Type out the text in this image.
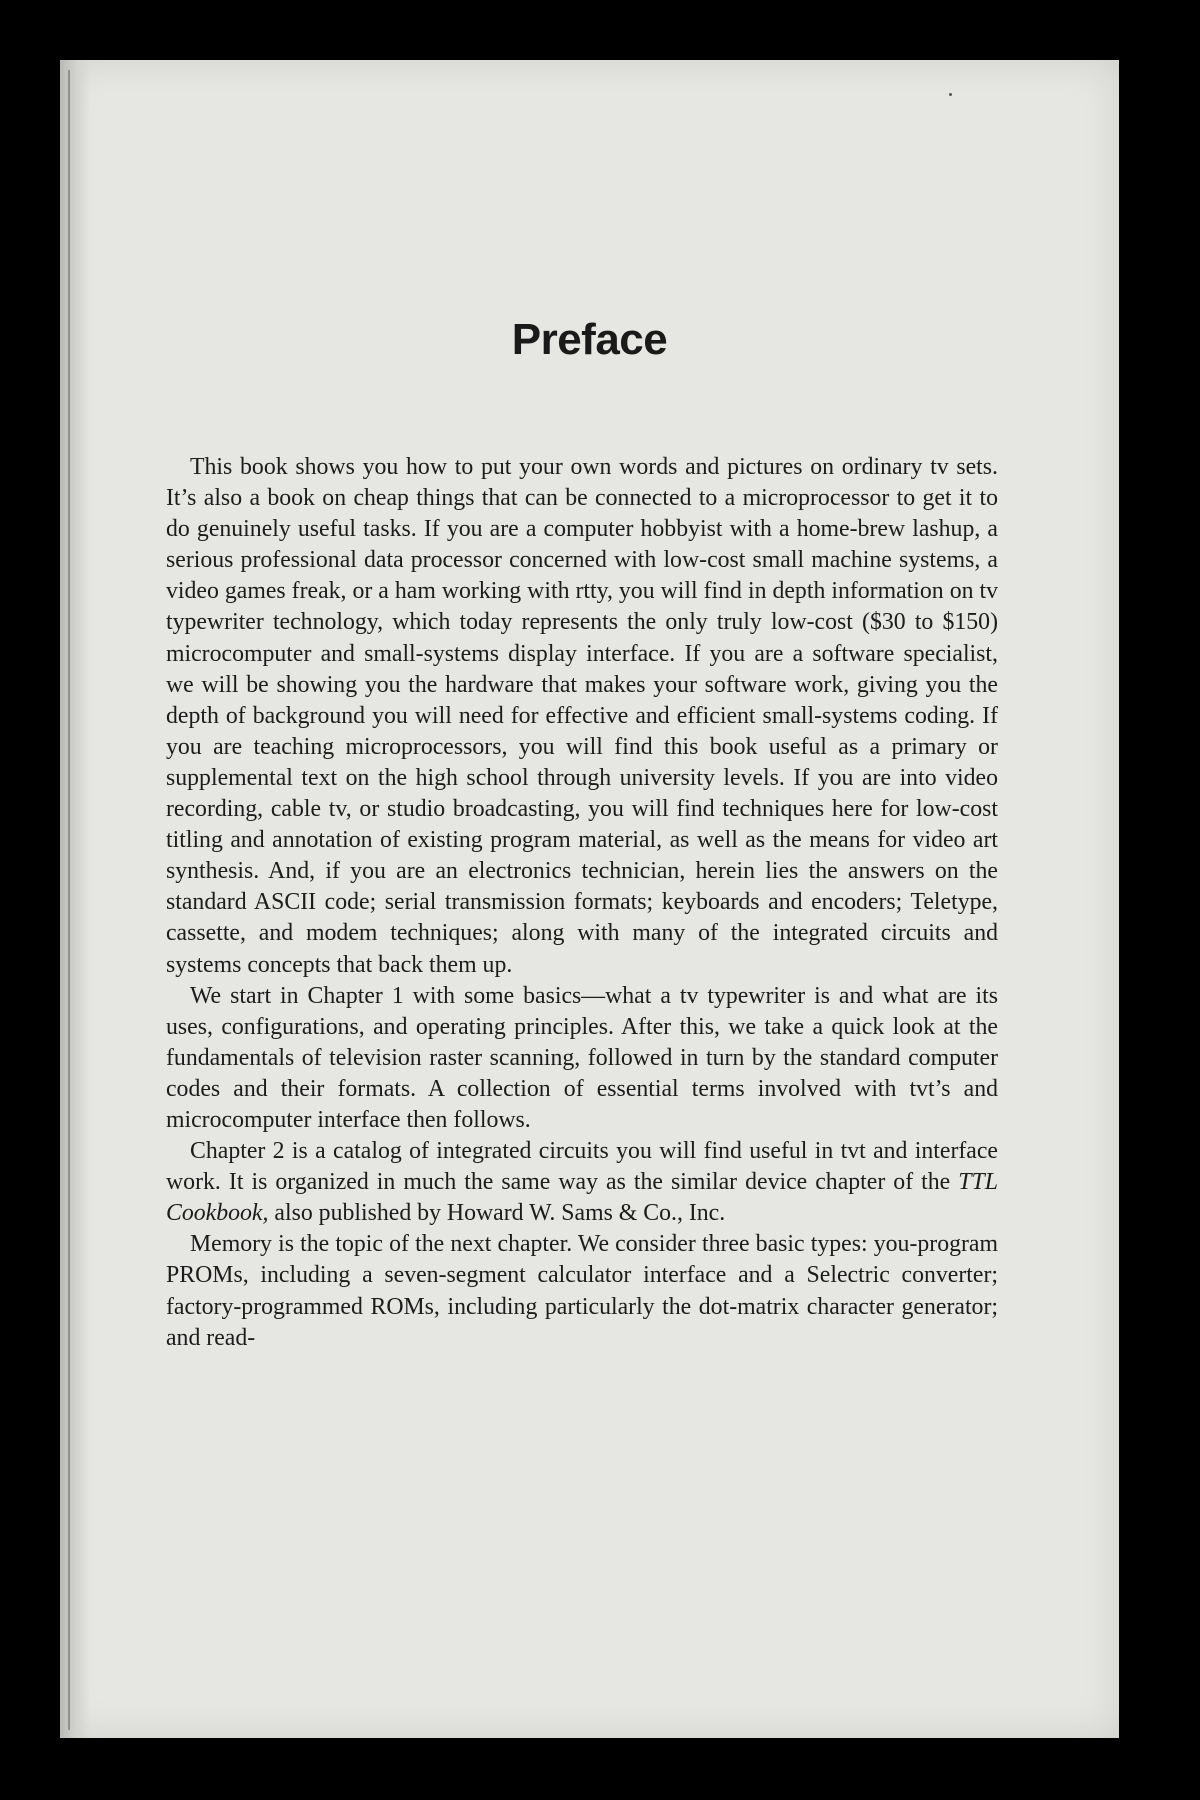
Preface

This book shows you how to put your own words and pictures on ordinary tv sets. It’s also a book on cheap things that can be connected to a microprocessor to get it to do genuinely useful tasks. If you are a computer hobbyist with a home-brew lashup, a serious professional data processor concerned with low-cost small machine systems, a video games freak, or a ham working with rtty, you will find in depth information on tv typewriter technology, which today represents the only truly low-cost ($30 to $150) microcomputer and small-systems display interface. If you are a software specialist, we will be showing you the hardware that makes your software work, giving you the depth of background you will need for effective and efficient small-systems coding. If you are teaching microprocessors, you will find this book useful as a primary or supplemental text on the high school through university levels. If you are into video recording, cable tv, or studio broadcasting, you will find techniques here for low-cost titling and annotation of existing program material, as well as the means for video art synthesis. And, if you are an electronics technician, herein lies the answers on the standard ASCII code; serial transmission formats; keyboards and encoders; Teletype, cassette, and modem techniques; along with many of the integrated circuits and systems concepts that back them up.

We start in Chapter 1 with some basics—what a tv typewriter is and what are its uses, configurations, and operating principles. After this, we take a quick look at the fundamentals of television raster scanning, followed in turn by the standard computer codes and their formats. A collection of essential terms involved with tvt’s and microcomputer interface then follows.

Chapter 2 is a catalog of integrated circuits you will find useful in tvt and interface work. It is organized in much the same way as the similar device chapter of the TTL Cookbook, also published by Howard W. Sams & Co., Inc.

Memory is the topic of the next chapter. We consider three basic types: you-program PROMs, including a seven-segment calculator interface and a Selectric converter; factory-programmed ROMs, including particularly the dot-matrix character generator; and read-
